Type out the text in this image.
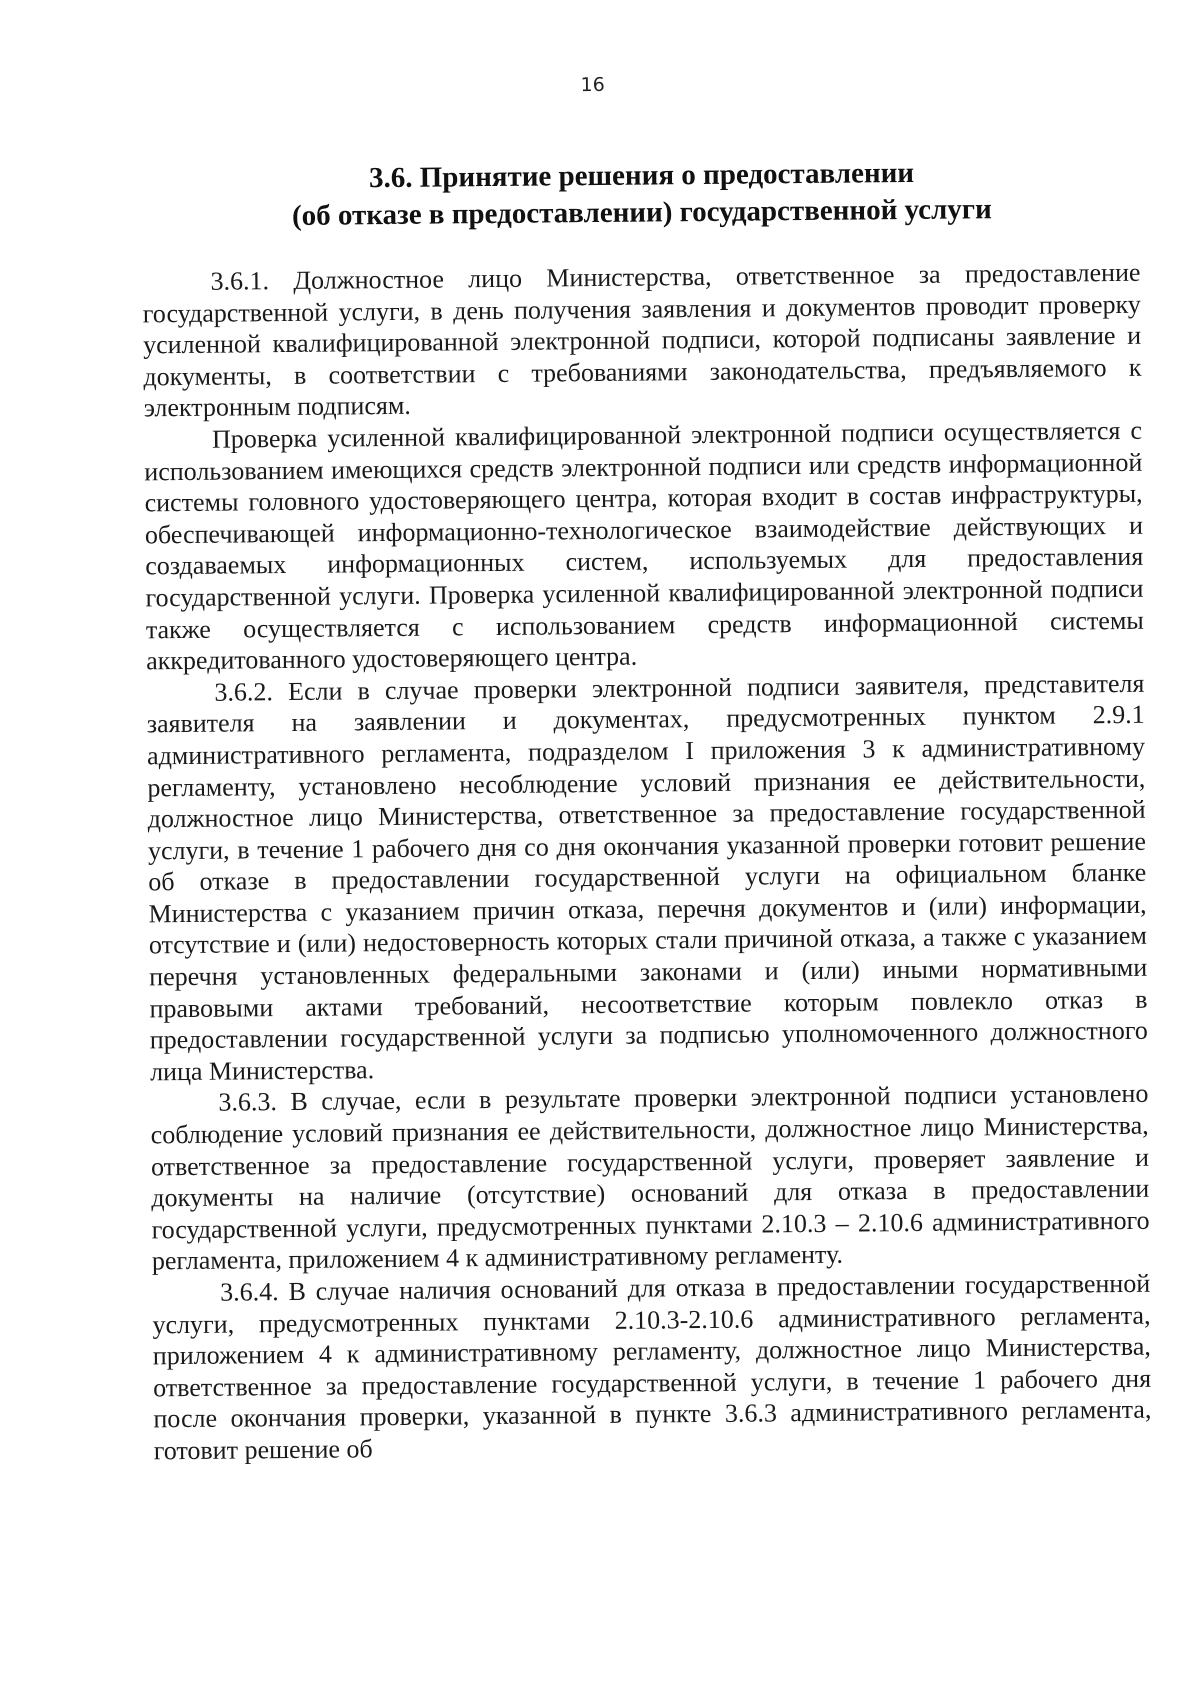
16
3.6. Принятие решения о предоставлении
(об отказе в предоставлении) государственной услуги

3.6.1. Должностное лицо Министерства, ответственное за предоставление государственной услуги, в день получения заявления и документов проводит проверку усиленной квалифицированной электронной подписи, которой подписаны заявление и документы, в соответствии с требованиями законодательства, предъявляемого к электронным подписям.

Проверка усиленной квалифицированной электронной подписи осуществляется с использованием имеющихся средств электронной подписи или средств информационной системы головного удостоверяющего центра, которая входит в состав инфраструктуры, обеспечивающей информационно-технологическое взаимодействие действующих и создаваемых информационных систем, используемых для предоставления государственной услуги. Проверка усиленной квалифицированной электронной подписи также осуществляется с использованием средств информационной системы аккредитованного удостоверяющего центра.

3.6.2. Если в случае проверки электронной подписи заявителя, представителя заявителя на заявлении и документах, предусмотренных пунктом 2.9.1 административного регламента, подразделом I приложения 3 к административному регламенту, установлено несоблюдение условий признания ее действительности, должностное лицо Министерства, ответственное за предоставление государственной услуги, в течение 1 рабочего дня со дня окончания указанной проверки готовит решение об отказе в предоставлении государственной услуги на официальном бланке Министерства с указанием причин отказа, перечня документов и (или) информации, отсутствие и (или) недостоверность которых стали причиной отказа, а также с указанием перечня установленных федеральными законами и (или) иными нормативными правовыми актами требований, несоответствие которым повлекло отказ в предоставлении государственной услуги за подписью уполномоченного должностного лица Министерства.

3.6.3. В случае, если в результате проверки электронной подписи установлено соблюдение условий признания ее действительности, должностное лицо Министерства, ответственное за предоставление государственной услуги, проверяет заявление и документы на наличие (отсутствие) оснований для отказа в предоставлении государственной услуги, предусмотренных пунктами 2.10.3 – 2.10.6 административного регламента, приложением 4 к административному регламенту.

3.6.4. В случае наличия оснований для отказа в предоставлении государственной услуги, предусмотренных пунктами 2.10.3-2.10.6 административного регламента, приложением 4 к административному регламенту, должностное лицо Министерства, ответственное за предоставление государственной услуги, в течение 1 рабочего дня после окончания проверки, указанной в пункте 3.6.3 административного регламента, готовит решение об
